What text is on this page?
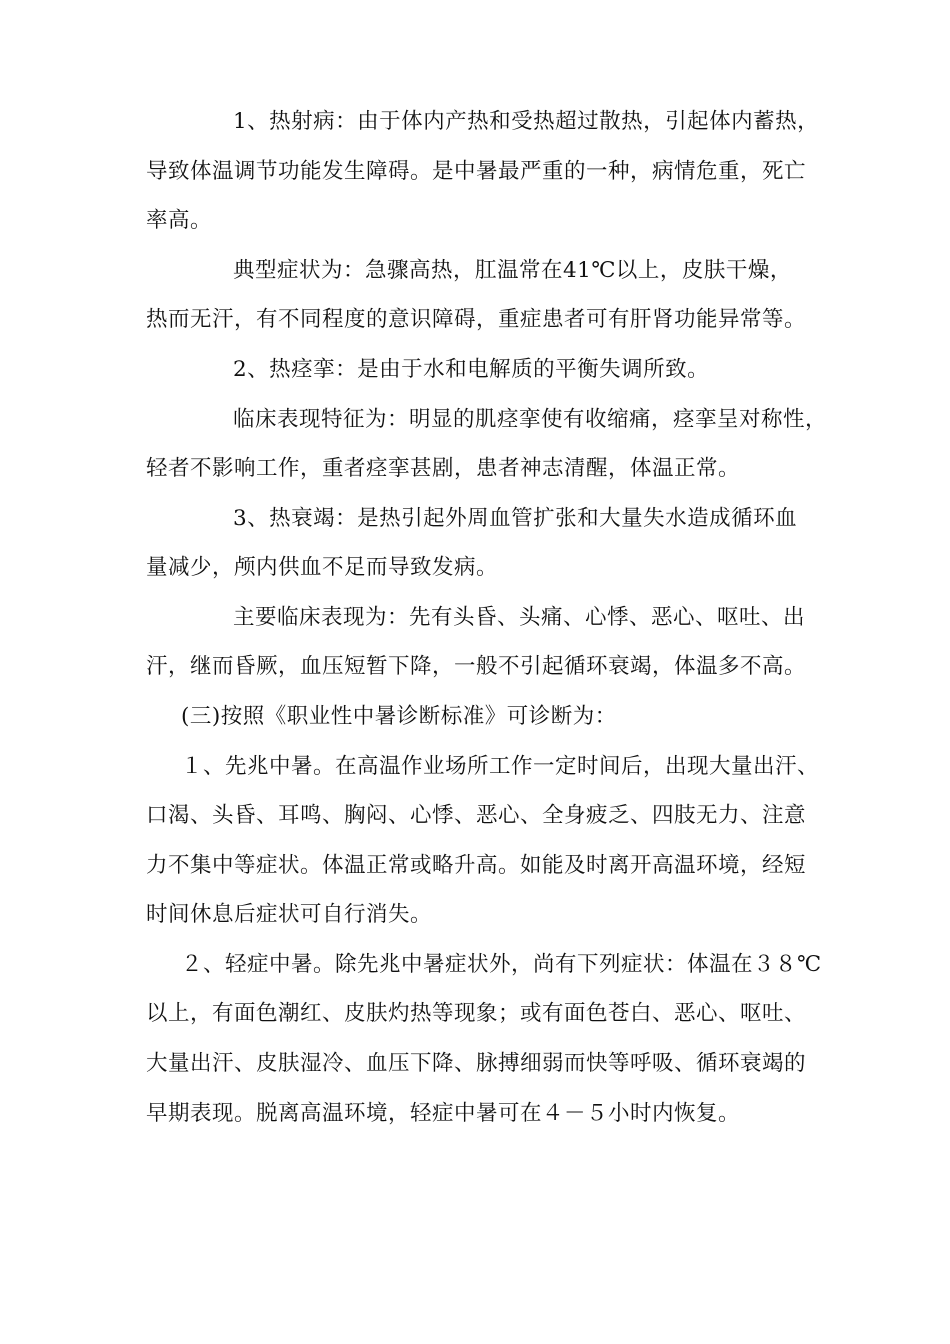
1、热射病：由于体内产热和受热超过散热，引起体内蓄热，
导致体温调节功能发生障碍。是中暑最严重的一种，病情危重，死亡
率高。
典型症状为：急骤高热，肛温常在41℃以上，皮肤干燥，
热而无汗，有不同程度的意识障碍，重症患者可有肝肾功能异常等。
2、热痉挛：是由于水和电解质的平衡失调所致。
临床表现特征为：明显的肌痉挛使有收缩痛，痉挛呈对称性，
轻者不影响工作，重者痉挛甚剧，患者神志清醒，体温正常。
3、热衰竭：是热引起外周血管扩张和大量失水造成循环血
量减少，颅内供血不足而导致发病。
主要临床表现为：先有头昏、头痛、心悸、恶心、呕吐、出
汗，继而昏厥，血压短暂下降，一般不引起循环衰竭，体温多不高。
(三)按照《职业性中暑诊断标准》可诊断为：
１、先兆中暑。在高温作业场所工作一定时间后，出现大量出汗、
口渴、头昏、耳鸣、胸闷、心悸、恶心、全身疲乏、四肢无力、注意
力不集中等症状。体温正常或略升高。如能及时离开高温环境，经短
时间休息后症状可自行消失。
２、轻症中暑。除先兆中暑症状外，尚有下列症状：体温在３８℃
以上，有面色潮红、皮肤灼热等现象；或有面色苍白、恶心、呕吐、
大量出汗、皮肤湿冷、血压下降、脉搏细弱而快等呼吸、循环衰竭的
早期表现。脱离高温环境，轻症中暑可在４－５小时内恢复。
